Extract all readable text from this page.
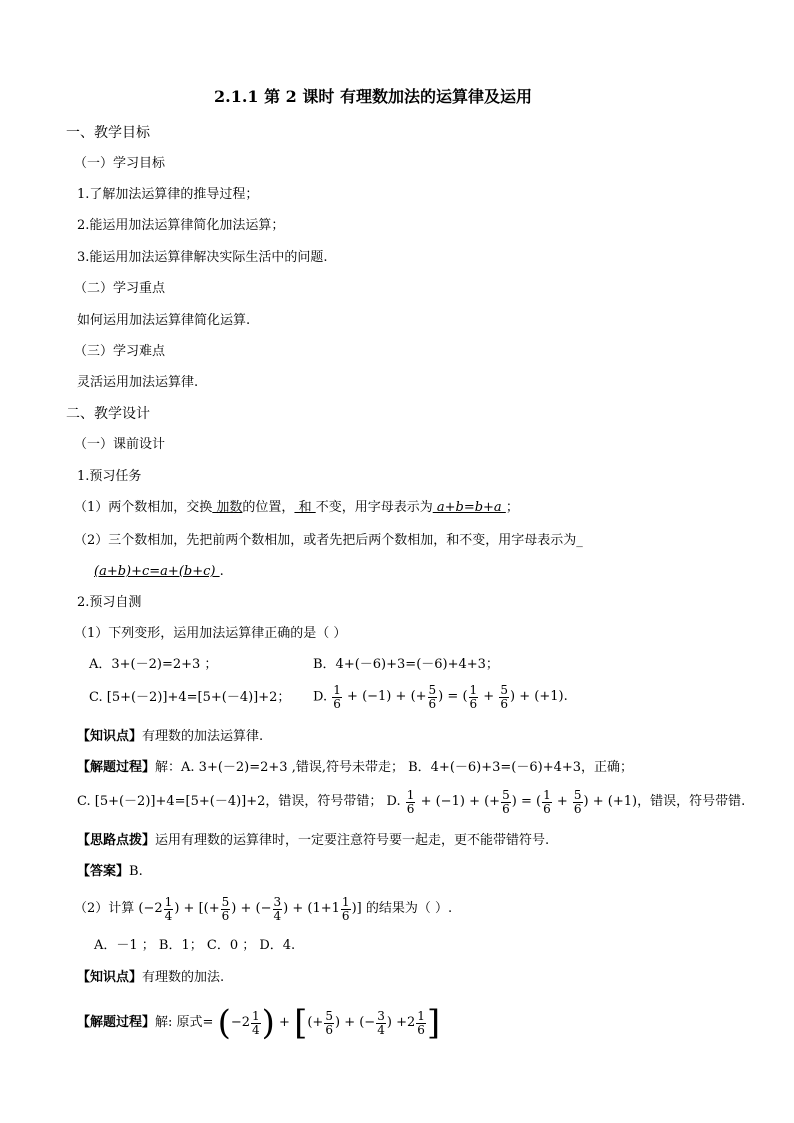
2.1.1 第 2 课时 有理数加法的运算律及运用
一、教学目标
（一）学习目标
1.了解加法运算律的推导过程；
2.能运用加法运算律简化加法运算；
3.能运用加法运算律解决实际生活中的问题.
（二）学习重点
如何运用加法运算律简化运算.
（三）学习难点
灵活运用加法运算律.
二、教学设计
（一）课前设计
1.预习任务
（1）两个数相加，交换 加数的位置， 和 不变，用字母表示为 a+b=b+a ；
（2）三个数相加，先把前两个数相加，或者先把后两个数相加，和不变，用字母表示为_
(a+b)+c=a+(b+c) .
2.预习自测
（1）下列变形，运用加法运算律正确的是（ ）
A．3+(－2)=2+3 ；	B．4+(－6)+3=(－6)+4+3；
C. [5+(－2)]+4=[5+(－4)]+2； D. $\frac{1}{6} + (-1)$ + (+ $\frac{5}{6}$ ) = ( $\frac{1}{6} + \frac{5}{6}$ ) + (+1).
【知识点】有理数的加法运算律.
【解题过程】解：A. 3+(－2)=2+3 ,错误,符号未带走； B．4+(－6)+3=(－6)+4+3，正确；
C. [5+(－2)]+4=[5+(－4)]+2，错误，符号带错； D. $\frac{1}{6} + (-1)$ + (+ $\frac{5}{6}$ ) = ( $\frac{1}{6} + \frac{5}{6}$ ) + (+1)，错误，符号带错.
【思路点拨】运用有理数的运算律时，一定要注意符号要一起走，更不能带错符号.
【答案】B.
（2）计算 ($-2 \frac{1}{4}$ ) + [(+ $\frac{5}{6}$ ) + (− $\frac{3}{4}$ ) + ($1+1 \frac{1}{6}$ )] 的结果为（ ）.
A．－1 ； B．1； C．0 ； D．4.
【知识点】有理数的加法.
【解题过程】解: 原式= ($-2 \frac{1}{4}$ ) + [(+ $\frac{5}{6}$ ) + (− $\frac{3}{4}$ ) $+2 \frac{1}{6}$ ]
